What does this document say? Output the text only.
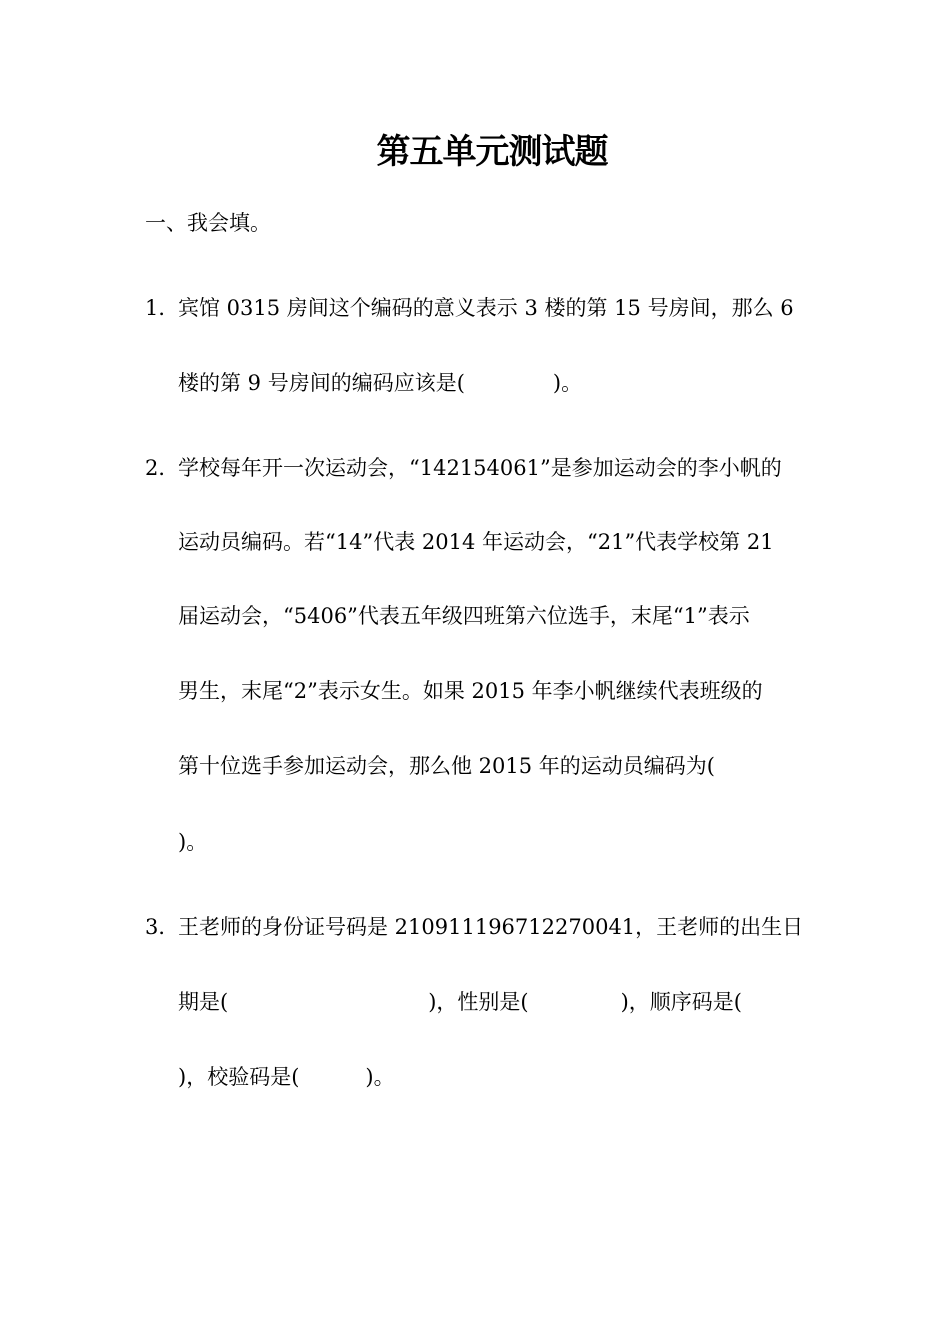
第五单元测试题
一、我会填。
1．
宾馆 0315 房间这个编码的意义表示 3 楼的第 15 号房间，那么 6
楼的第 9 号房间的编码应该是(	)。
2．
学校每年开一次运动会，“142154061”是参加运动会的李小帆的
运动员编码。若“14”代表 2014 年运动会，“21”代表学校第 21
届运动会，“5406”代表五年级四班第六位选手，末尾“1”表示
男生，末尾“2”表示女生。如果 2015 年李小帆继续代表班级的
第十位选手参加运动会，那么他 2015 年的运动员编码为(
)。
3．
王老师的身份证号码是 210911196712270041，王老师的出生日
期是(	)，性别是(	)，顺序码是(
)，校验码是(	)。
